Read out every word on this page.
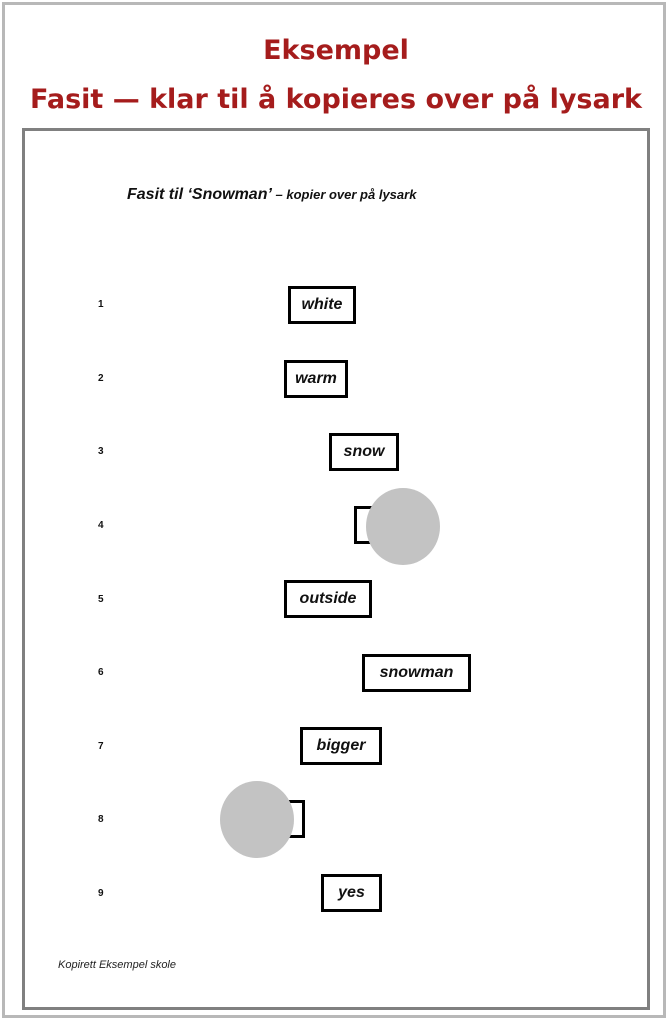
Eksempel
Fasit — klar til å kopieres over på lysark
Fasit til ‘Snowman’ – kopier over på lysark
1	white
2	warm
3	snow
4
5	outside
6	snowman
7	bigger
8
9	yes
Kopirett Eksempel skole
